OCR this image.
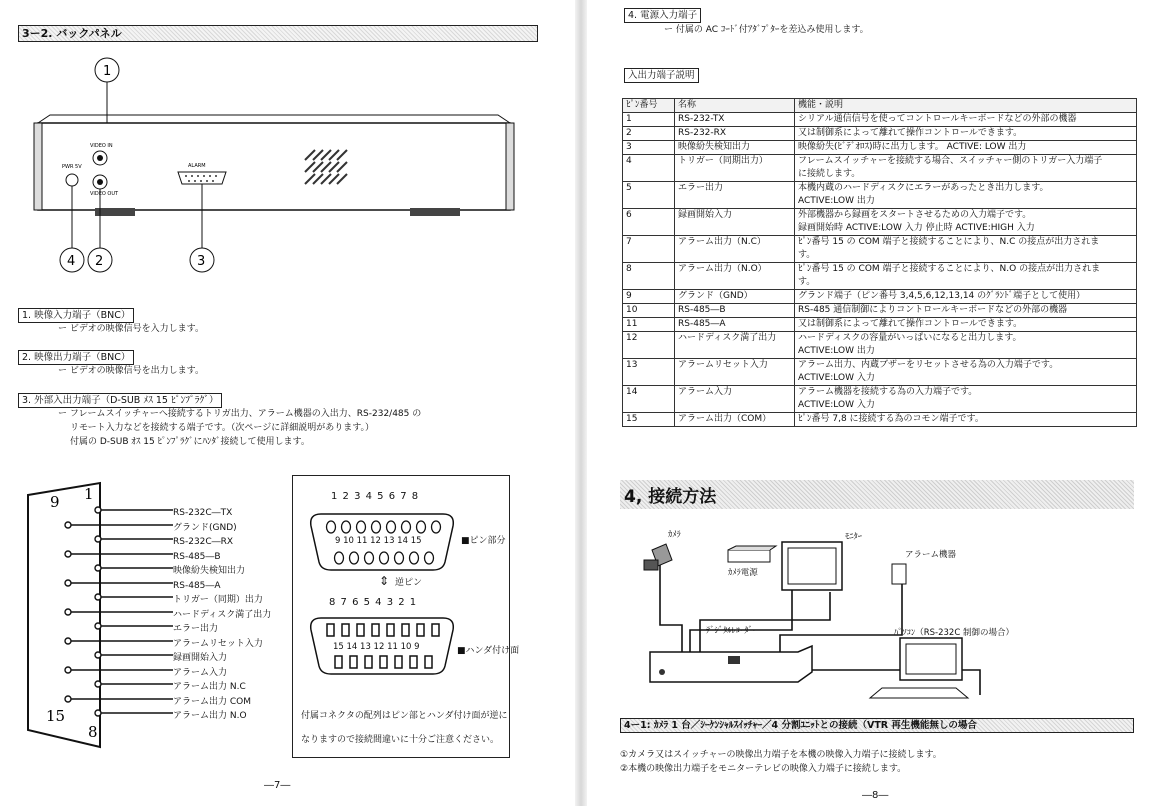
3ー2. バックパネル
1
VIDEO IN
VIDEO OUT
PWR 5V	ALARM
4 2	3
1. 映像入力端子（BNC）
ー ビデオの映像信号を入力します。
2. 映像出力端子（BNC）
ー ビデオの映像信号を出力します。
3. 外部入出力端子（D-SUB ﾒｽ 15 ﾋﾟﾝﾌﾟﾗｸﾞ）
ー フレームスイッチャーへ接続するトリガ出力、アラーム機器の入出力、RS-232/485 の
リモート入力などを接続する端子です。（次ページに詳細説明があります。）
付属の D-SUB ｵｽ 15 ﾋﾟﾝﾌﾟﾗｸﾞにﾊﾝﾀﾞ接続して使用します。
9 1
15
8
RS-232C―TX
グランド(GND)
RS-232C―RX
RS-485―B
映像紛失検知出力
RS-485―A
トリガー（同期）出力
ハードディスク満了出力
エラー出力
アラームリセット入力
録画開始入力
アラーム入力
アラーム出力 N.C
アラーム出力 COM
アラーム出力 N.O
1 2 3 4 5 6 7 8
9 10 11 12 13 14 15	■ピン部分
⇕ 逆ピン
8 7 6 5 4 3 2 1
15 14 13 12 11 10 9	■ハンダ付け面
付属コネクタの配列はピン部とハンダ付け面が逆に
なりますので接続間違いに十分ご注意ください。
―7―
4. 電源入力端子
ー 付属の AC ｺｰﾄﾞ付ｱﾀﾞﾌﾟﾀｰを差込み使用します。
入出力端子説明
ﾋﾟﾝ番号	名称	機能・説明
1	RS-232-TX	シリアル通信信号を使ってコントロールキーボードなどの外部の機器
2	RS-232-RX	又は制御系によって離れて操作コントロールできます。
3	映像紛失検知出力	映像紛失(ﾋﾞﾃﾞｵﾛｽ)時に出力します。 ACTIVE: LOW 出力
4	トリガー（同期出力）	フレームスイッチャーを接続する場合、スイッチャー側のトリガー入力端子
に接続します。

5	エラー出力	本機内蔵のハードディスクにエラーがあったとき出力します。
ACTIVE:LOW 出力

6	録画開始入力	外部機器から録画をスタートさせるための入力端子です。
録画開始時 ACTIVE:LOW 入力 停止時 ACTIVE:HIGH 入力

7	アラーム出力（N.C）	ﾋﾟﾝ番号 15 の COM 端子と接続することにより、N.C の接点が出力されま
す。

8	アラーム出力（N.O）	ﾋﾟﾝ番号 15 の COM 端子と接続することにより、N.O の接点が出力されま
す。

9	グランド（GND）	グランド端子（ピン番号 3,4,5,6,12,13,14 のｸﾞﾗﾝﾄﾞ端子として使用）
10	RS-485―B	RS-485 通信制御によりコントロールキーボードなどの外部の機器
11	RS-485―A	又は制御系によって離れて操作コントロールできます。
12	ハードディスク満了出力	ハードディスクの容量がいっぱいになると出力します。
ACTIVE:LOW 出力

13	アラームリセット入力	アラーム出力、内蔵ブザーをリセットさせる為の入力端子です。
ACTIVE:LOW 入力

14	アラーム入力	アラーム機器を接続する為の入力端子です。
ACTIVE:LOW 入力

15	アラーム出力（COM）	ﾋﾟﾝ番号 7,8 に接続する為のコモン端子です。
4, 接続方法
ｶﾒﾗ
ｶﾒﾗ電源
ﾓﾆﾀｰ
アラーム機器
ﾃﾞｼﾞﾀﾙﾚｺｰﾀﾞｰ	ﾊﾟｿｺﾝ（RS-232C 制御の場合）
4ー1: ｶﾒﾗ 1 台／ｼｰｹﾝｼｬﾙｽｲｯﾁｬｰ／4 分割ﾕﾆｯﾄとの接続（VTR 再生機能無しの場合
①カメラ又はスイッチャーの映像出力端子を本機の映像入力端子に接続します。
②本機の映像出力端子をモニターテレビの映像入力端子に接続します。
―8―
